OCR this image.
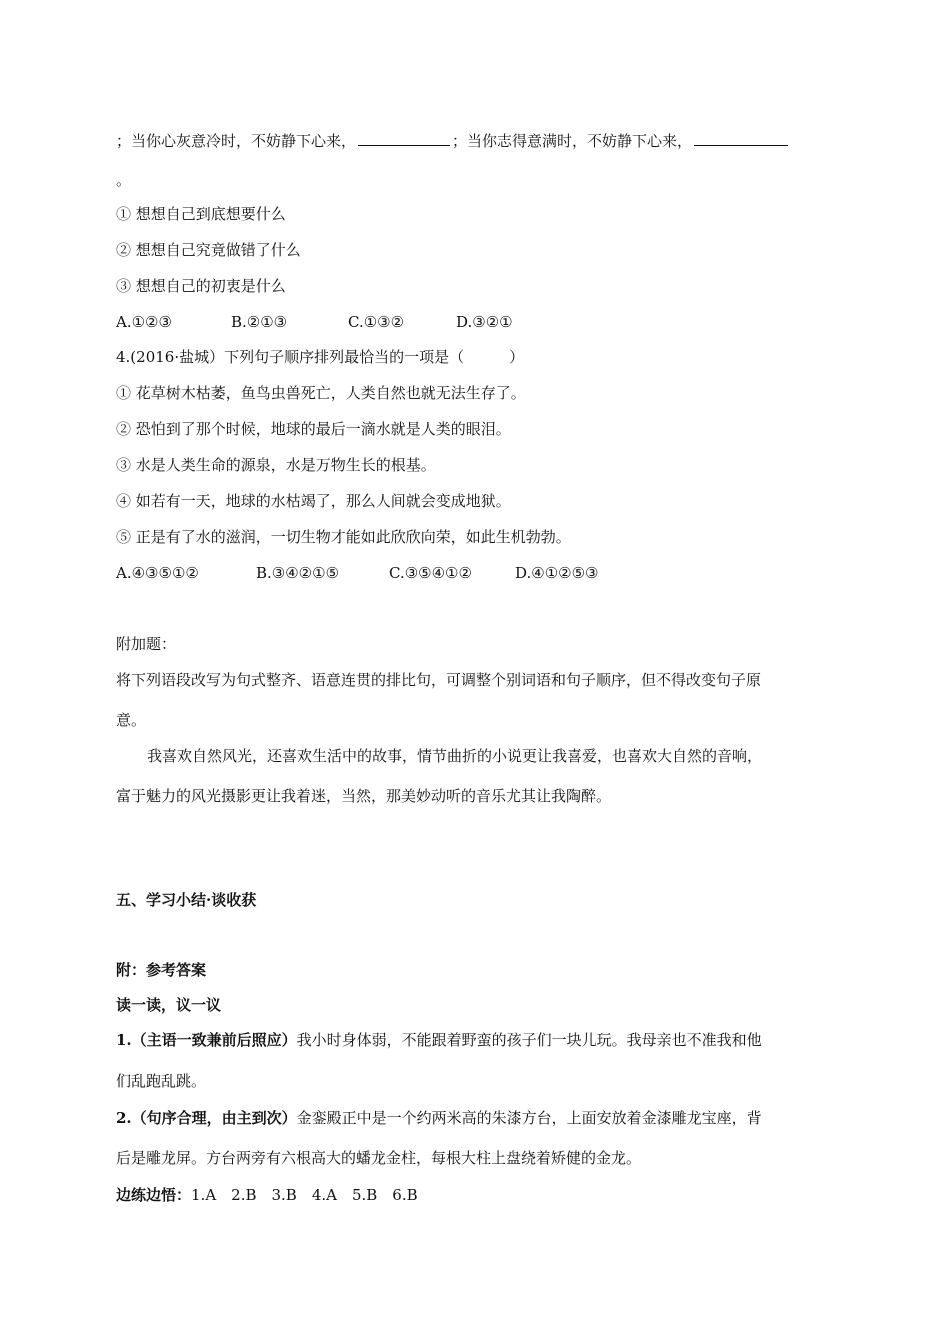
；当你心灰意冷时，不妨静下心来，	；当你志得意满时，不妨静下心来，
。
① 想想自己到底想要什么
② 想想自己究竟做错了什么
③ 想想自己的初衷是什么
A.①②③	B.②①③	C.①③②	D.③②①
4.(2016·盐城）下列句子顺序排列最恰当的一项是（　　　）
① 花草树木枯萎，鱼鸟虫兽死亡，人类自然也就无法生存了。
② 恐怕到了那个时候，地球的最后一滴水就是人类的眼泪。
③ 水是人类生命的源泉，水是万物生长的根基。
④ 如若有一天，地球的水枯竭了，那么人间就会变成地狱。
⑤ 正是有了水的滋润，一切生物才能如此欣欣向荣，如此生机勃勃。
A.④③⑤①②	B.③④②①⑤	C.③⑤④①②	D.④①②⑤③
附加题：
将下列语段改写为句式整齐、语意连贯的排比句，可调整个别词语和句子顺序，但不得改变句子原
意。
我喜欢自然风光，还喜欢生活中的故事，情节曲折的小说更让我喜爱，也喜欢大自然的音响，
富于魅力的风光摄影更让我着迷，当然，那美妙动听的音乐尤其让我陶醉。
五、学习小结·谈收获
附：参考答案
读一读，议一议
1.（主语一致兼前后照应）我小时身体弱，不能跟着野蛮的孩子们一块儿玩。我母亲也不准我和他
们乱跑乱跳。
2.（句序合理，由主到次）金銮殿正中是一个约两米高的朱漆方台，上面安放着金漆雕龙宝座，背
后是雕龙屏。方台两旁有六根高大的蟠龙金柱，每根大柱上盘绕着矫健的金龙。
边练边悟：1.A　2.B　3.B　4.A　5.B　6.B
